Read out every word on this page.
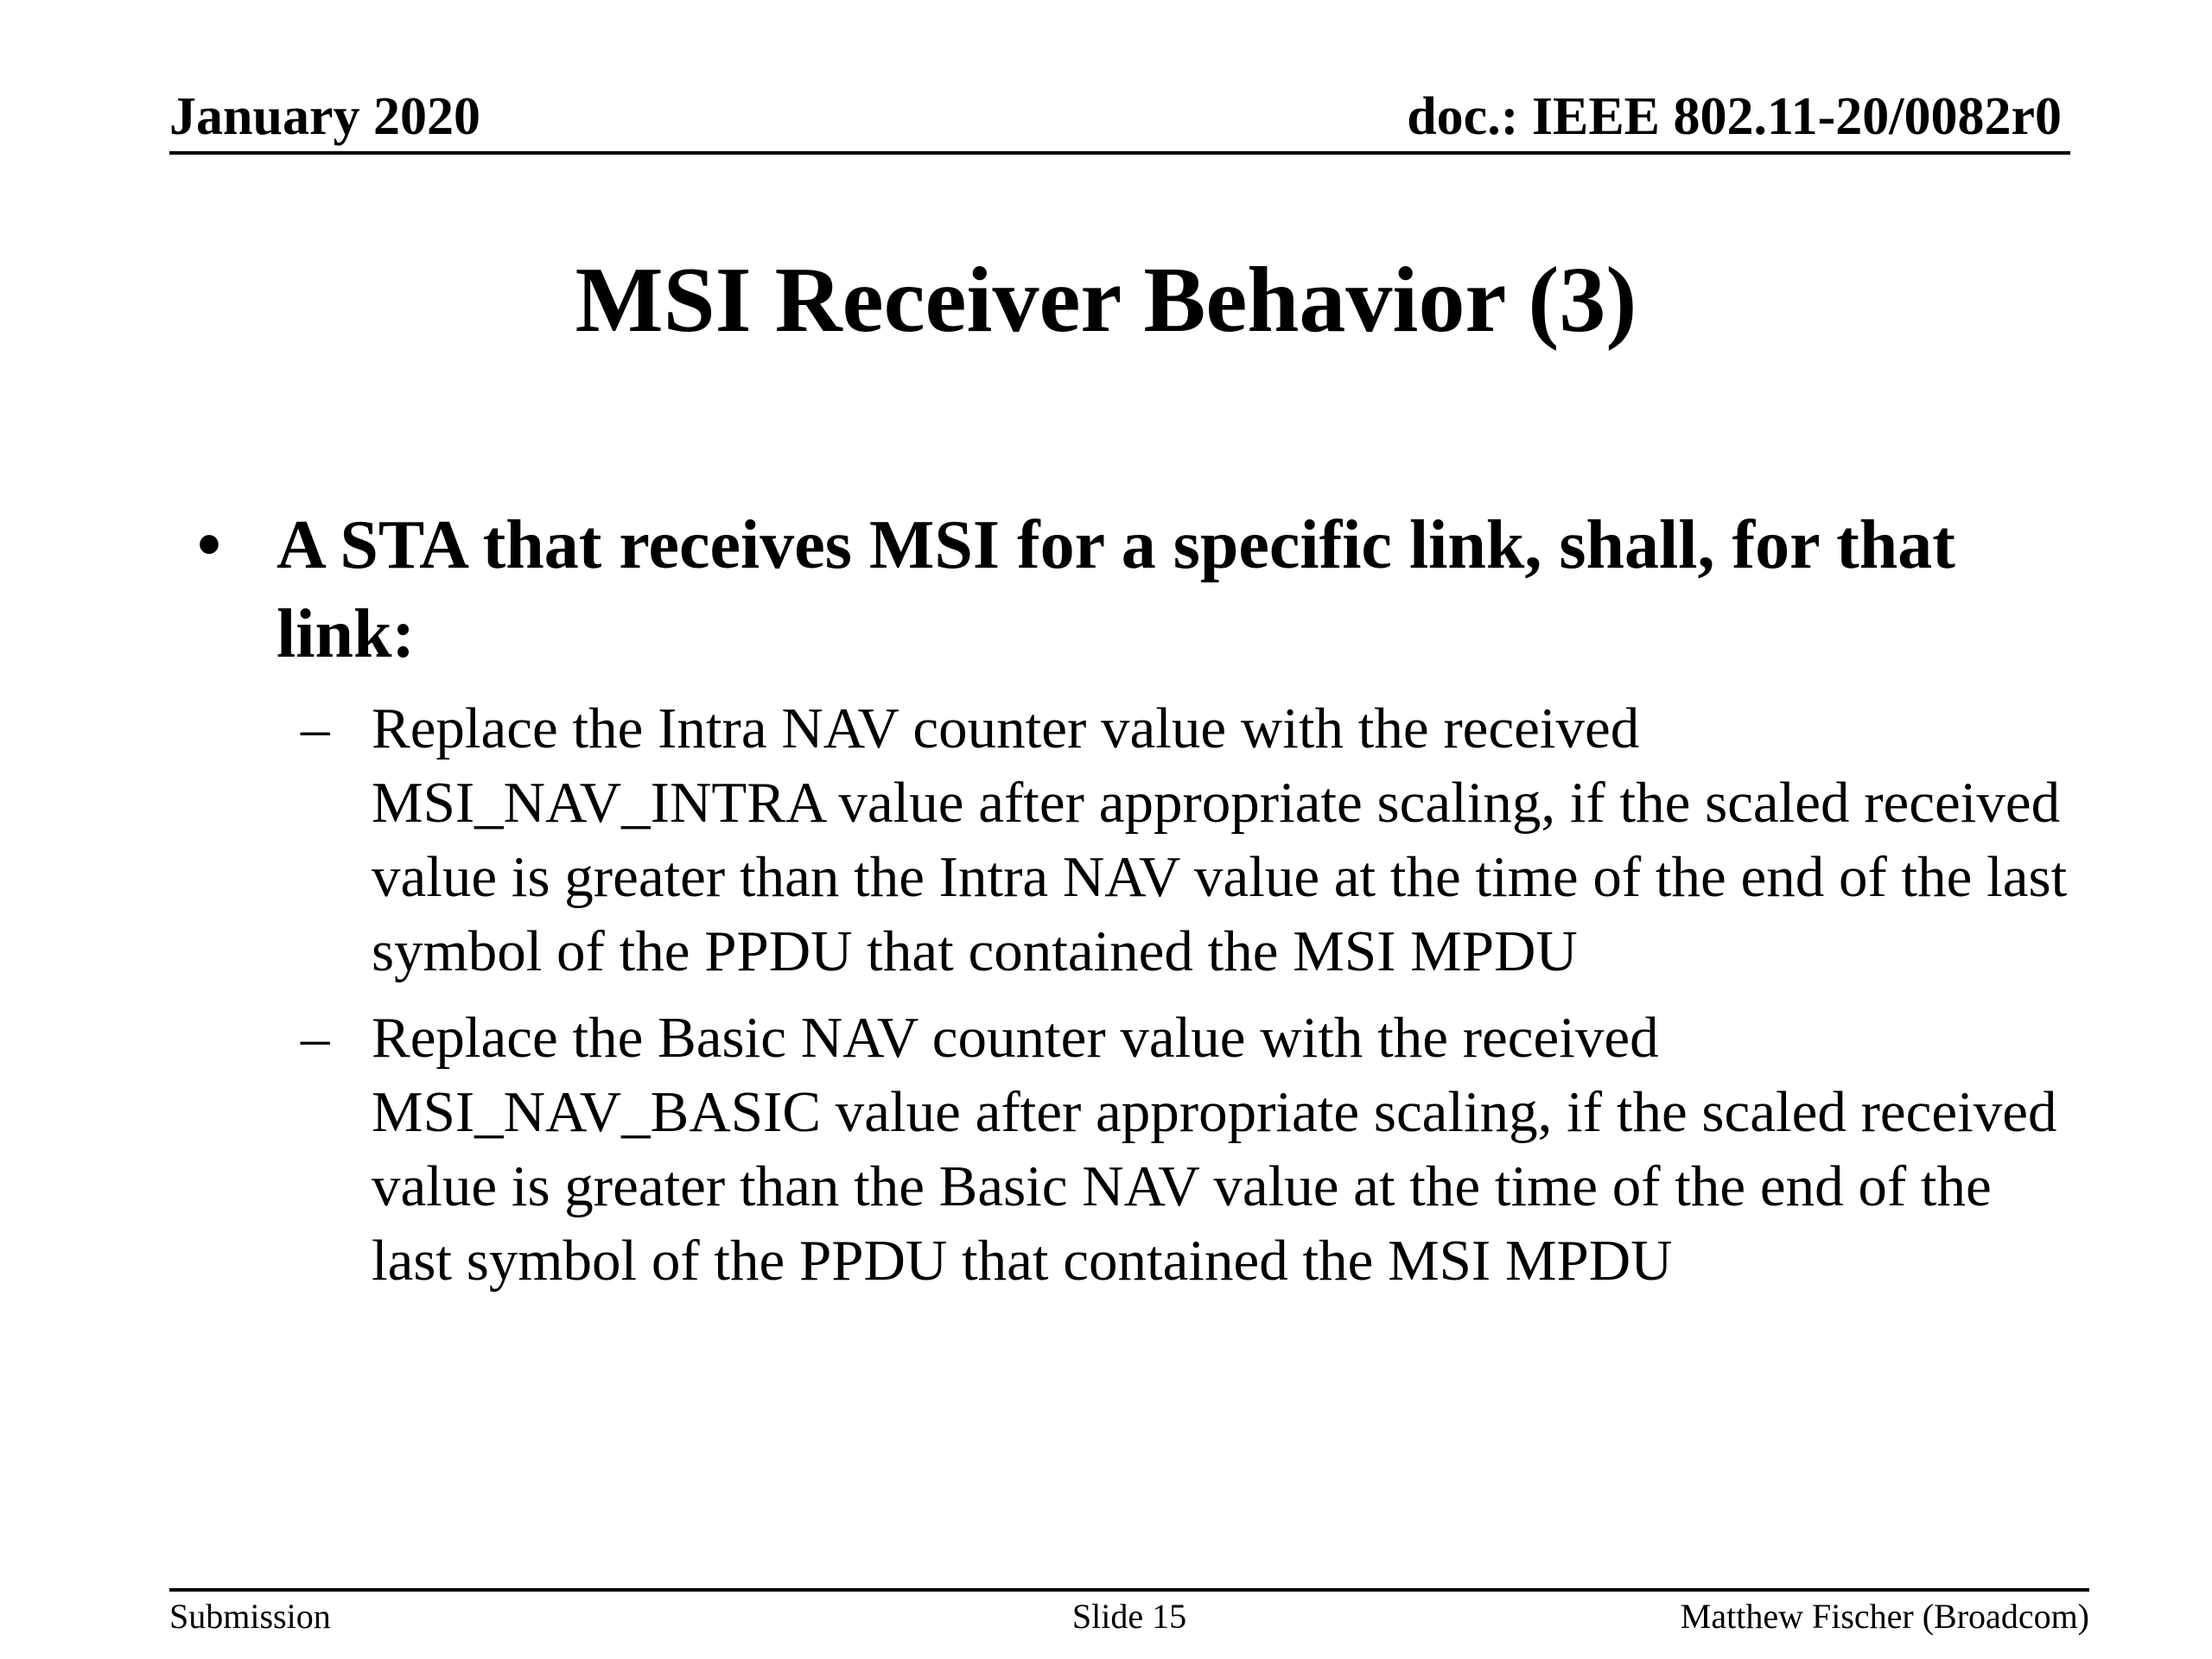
January 2020	doc.: IEEE 802.11-20/0082r0
MSI Receiver Behavior (3)
• A STA that receives MSI for a specific link, shall, for that link:
– Replace the Intra NAV counter value with the received MSI_NAV_INTRA value after appropriate scaling, if the scaled received value is greater than the Intra NAV value at the time of the end of the last symbol of the PPDU that contained the MSI MPDU
– Replace the Basic NAV counter value with the received MSI_NAV_BASIC value after appropriate scaling, if the scaled received value is greater than the Basic NAV value at the time of the end of the last symbol of the PPDU that contained the MSI MPDU
Submission	Slide 15	Matthew Fischer (Broadcom)
